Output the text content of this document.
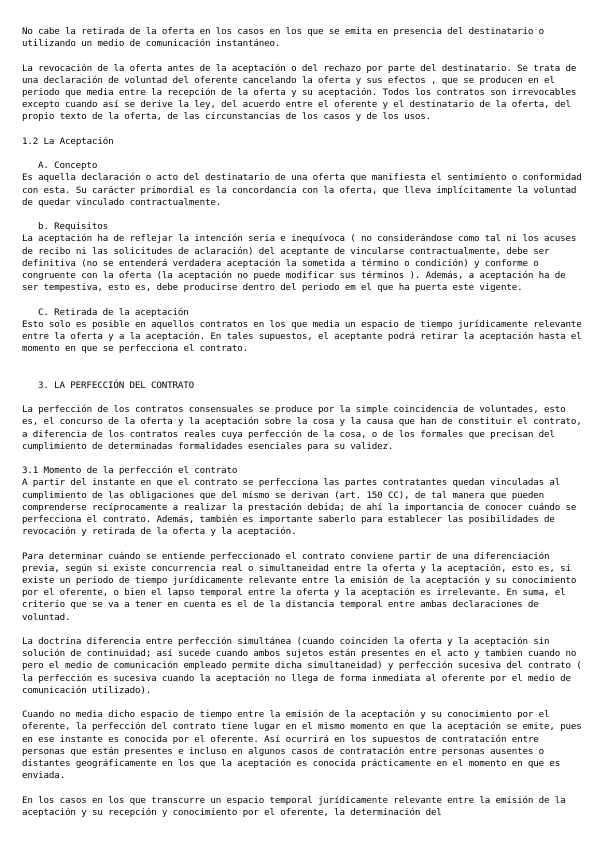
No cabe la retirada de la oferta en los casos en los que se emita en presencia del destinatario o utilizando un medio de comunicación instantáneo.

La revocación de la oferta antes de la aceptación o del rechazo por parte del destinatario. Se trata de una declaración de voluntad del oferente cancelando la oferta y sus efectos , que se producen en el periodo que media entre la recepción de la oferta y su aceptación. Todos los contratos son irrevocables excepto cuando así se derive la ley, del acuerdo entre el oferente y el destinatario de la oferta, del propio texto de la oferta, de las circunstancias de los casos y de los usos.

1.2 La Aceptación

A. Concepto

Es aquella declaración o acto del destinatario de una oferta que manifiesta el sentimiento o conformidad con esta. Su carácter primordial es la concordancia con la oferta, que lleva implícitamente la voluntad de quedar vinculado contractualmente.

b. Requisitos

La aceptación ha de reflejar la intención seria e inequívoca ( no considerándose como tal ni los acuses de recibo ni las solicitudes de aclaración) del aceptante de vincularse contractualmente, debe ser definitiva (no se entenderá verdadera aceptación la sometida a término o condición) y conforme o congruente con la oferta (la aceptación no puede modificar sus términos ). Además, a aceptación ha de ser tempestiva, esto es, debe producirse dentro del periodo em el que ha puerta este vigente.

C. Retirada de la aceptación

Esto solo es posible en aquellos contratos en los que media un espacio de tiempo jurídicamente relevante entre la oferta y a la aceptación. En tales supuestos, el aceptante podrá retirar la aceptación hasta el momento en que se perfecciona el contrato.

3. LA PERFECCIÓN DEL CONTRATO

La perfección de los contratos consensuales se produce por la simple coincidencia de voluntades, esto es, el concurso de la oferta y la aceptación sobre la cosa y la causa que han de constituir el contrato, a diferencia de los contratos reales cuya perfección de la cosa, o de los formales que precisan del cumplimiento de determinadas formalidades esenciales para su validez.

3.1 Momento de la perfección el contrato

A partir del instante en que el contrato se perfecciona las partes contratantes quedan vinculadas al cumplimiento de las obligaciones que del mismo se derivan (art. 150 CC), de tal manera que pueden comprenderse recíprocamente a realizar la prestación debida; de ahí la importancia de conocer cuándo se perfecciona el contrato. Además, también es importante saberlo para establecer las posibilidades de revocación y retirada de la oferta y la aceptación.

Para determinar cuándo se entiende perfeccionado el contrato conviene partir de una diferenciación previa, según si existe concurrencia real o simultaneidad entre la oferta y la aceptación, esto es, si existe un periodo de tiempo jurídicamente relevante entre la emisión de la aceptación y su conocimiento por el oferente, o bien el lapso temporal entre la oferta y la aceptación es irrelevante. En suma, el criterio que se va a tener en cuenta es el de la distancia temporal entre ambas declaraciones de voluntad.

La doctrina diferencia entre perfección simultánea (cuando coinciden la oferta y la aceptación sin solución de continuidad; así sucede cuando ambos sujetos están presentes en el acto y tambien cuando no pero el medio de comunicación empleado permite dicha simultaneidad) y perfección sucesiva del contrato ( la perfección es sucesiva cuando la aceptación no llega de forma inmediata al oferente por el medio de comunicación utilizado).

Cuando no media dicho espacio de tiempo entre la emisión de la aceptación y su conocimiento por el oferente, la perfección del contrato tiene lugar en el mismo momento en que la aceptación se emite, pues en ese instante es conocida por el oferente. Así ocurrirá en los supuestos de contratación entre personas que están presentes e incluso en algunos casos de contratación entre personas ausentes o distantes geográficamente en los que la aceptación es conocida prácticamente en el momento en que es enviada.

En los casos en los que transcurre un espacio temporal jurídicamente relevante entre la emisión de la aceptación y su recepción y conocimiento por el oferente, la determinación del
